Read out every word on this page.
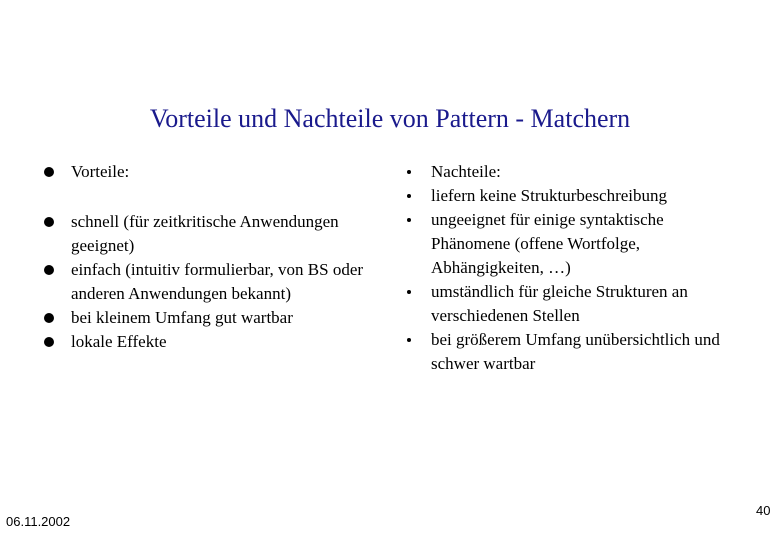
Vorteile und Nachteile von Pattern - Matchern
Vorteile:
schnell (für zeitkritische Anwendungen geeignet)
einfach (intuitiv formulierbar, von BS oder anderen Anwendungen bekannt)
bei kleinem Umfang gut wartbar
lokale Effekte
Nachteile:
liefern keine Strukturbeschreibung
ungeeignet für einige syntaktische Phänomene (offene Wortfolge, Abhängigkeiten, …)
umständlich für gleiche Strukturen an verschiedenen Stellen
bei größerem Umfang unübersichtlich und schwer wartbar
06.11.2002
40
